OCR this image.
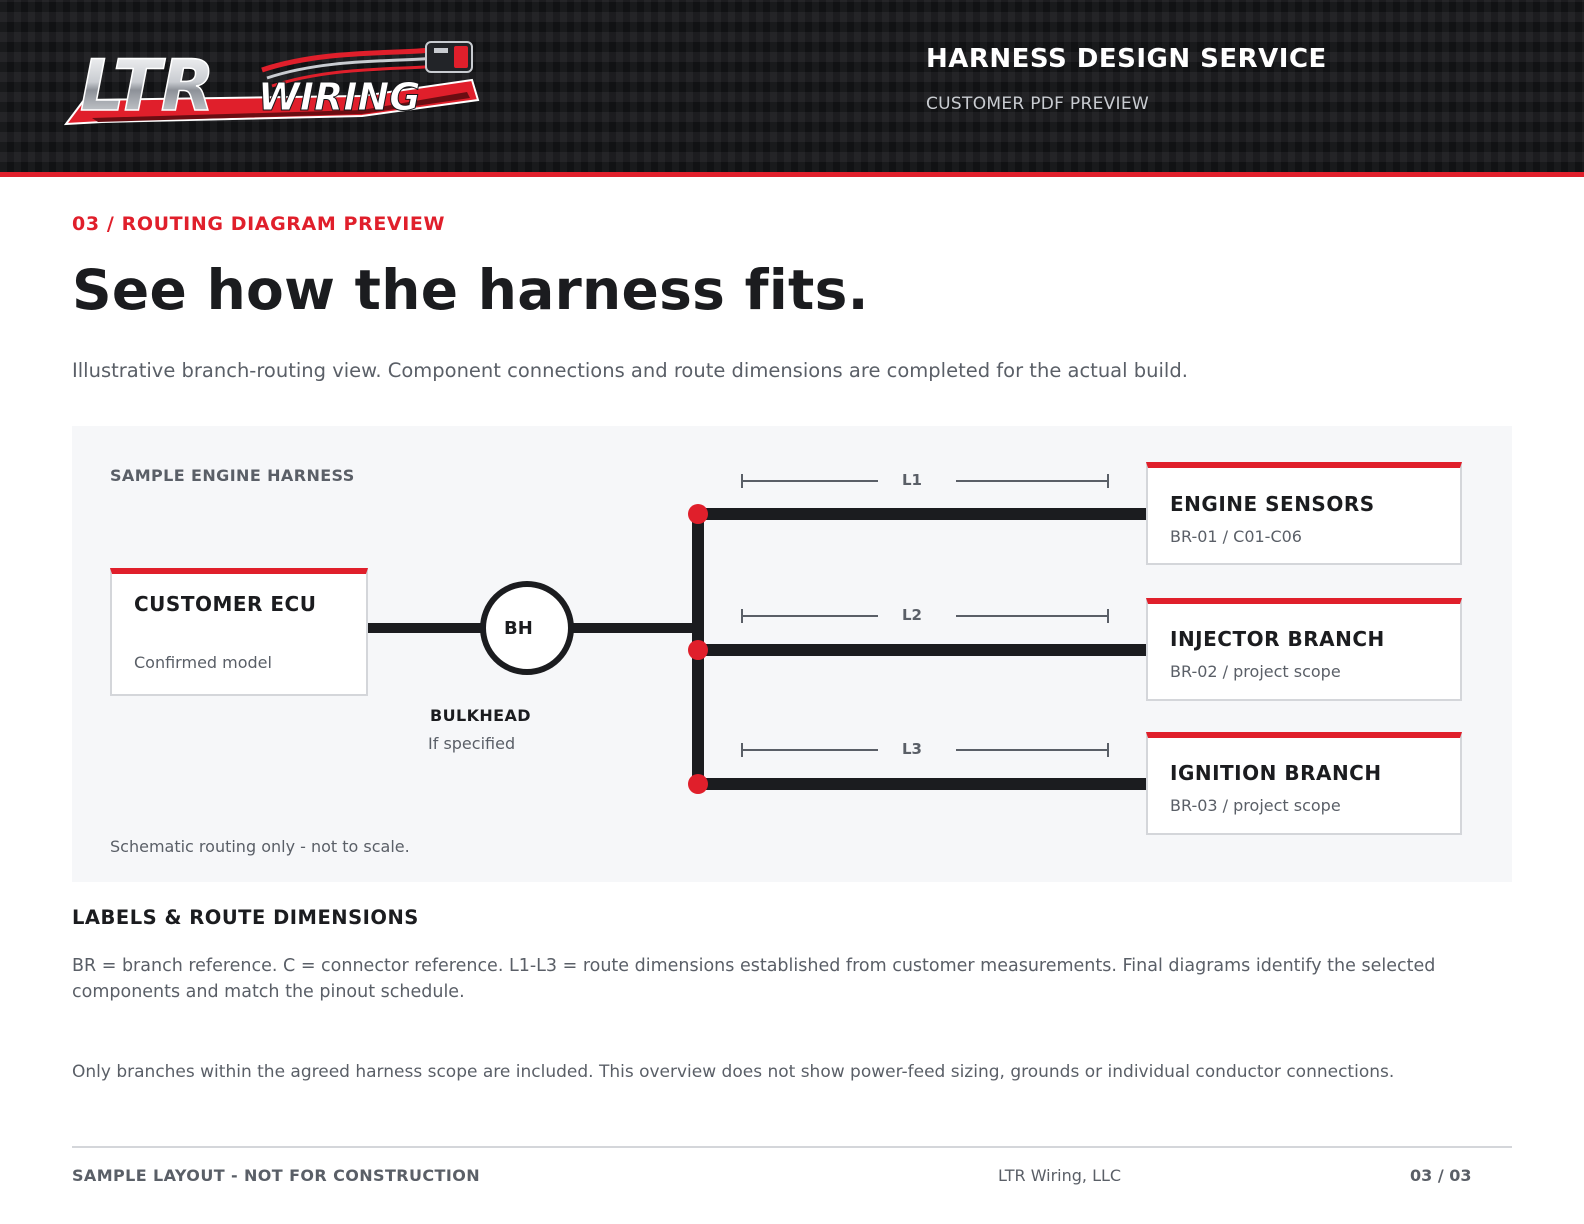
LTR WIRING
HARNESS DESIGN SERVICE
CUSTOMER PDF PREVIEW
03 / ROUTING DIAGRAM PREVIEW
See how the harness fits.

Illustrative branch-routing view. Component connections and route dimensions are completed for the actual build.

SAMPLE ENGINE HARNESS
CUSTOMER ECU
Confirmed model
BH
BULKHEAD
If specified
L1
L2
L3
ENGINE SENSORS
BR-01 / C01-C06
INJECTOR BRANCH
BR-02 / project scope
IGNITION BRANCH
BR-03 / project scope
Schematic routing only - not to scale.
LABELS & ROUTE DIMENSIONS

BR = branch reference. C = connector reference. L1-L3 = route dimensions established from customer measurements. Final diagrams identify the selected components and match the pinout schedule.

Only branches within the agreed harness scope are included. This overview does not show power-feed sizing, grounds or individual conductor connections.

SAMPLE LAYOUT - NOT FOR CONSTRUCTION	LTR Wiring, LLC	03 / 03
